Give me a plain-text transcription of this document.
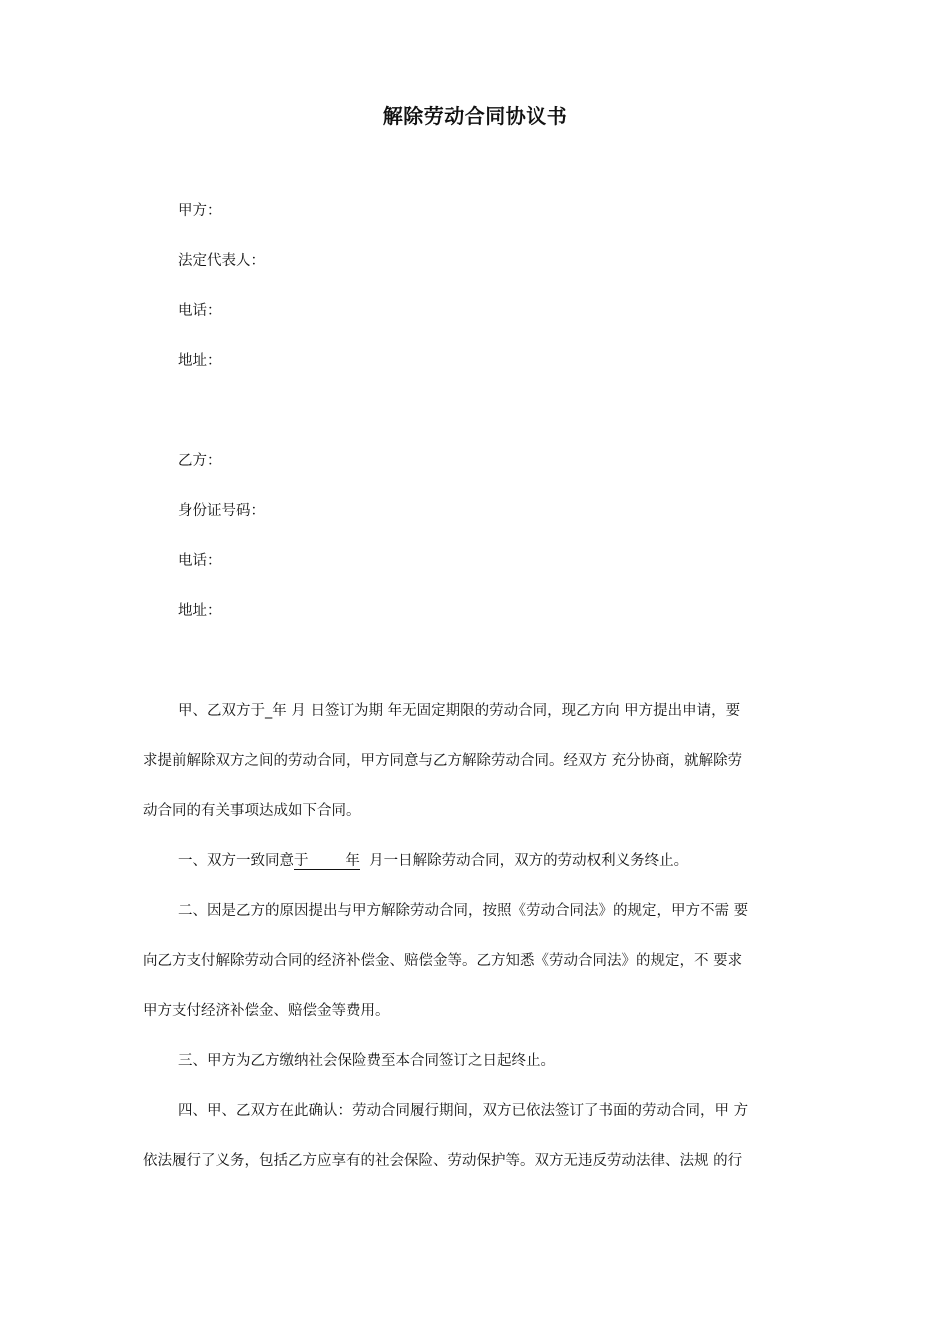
解除劳动合同协议书
甲方：
法定代表人：
电话：
地址：
乙方：
身份证号码：
电话：
地址：
甲、乙双方于_年 月 日签订为期 年无固定期限的劳动合同，现乙方向 甲方提出申请，要
求提前解除双方之间的劳动合同，甲方同意与乙方解除劳动合同。经双方 充分协商，就解除劳
动合同的有关事项达成如下合同。
一、双方一致同意于        年  月一日解除劳动合同，双方的劳动权利义务终止。
二、因是乙方的原因提出与甲方解除劳动合同，按照《劳动合同法》的规定，甲方不需 要
向乙方支付解除劳动合同的经济补偿金、赔偿金等。乙方知悉《劳动合同法》的规定，不 要求
甲方支付经济补偿金、赔偿金等费用。
三、甲方为乙方缴纳社会保险费至本合同签订之日起终止。
四、甲、乙双方在此确认：劳动合同履行期间，双方已依法签订了书面的劳动合同，甲 方
依法履行了义务，包括乙方应享有的社会保险、劳动保护等。双方无违反劳动法律、法规 的行
